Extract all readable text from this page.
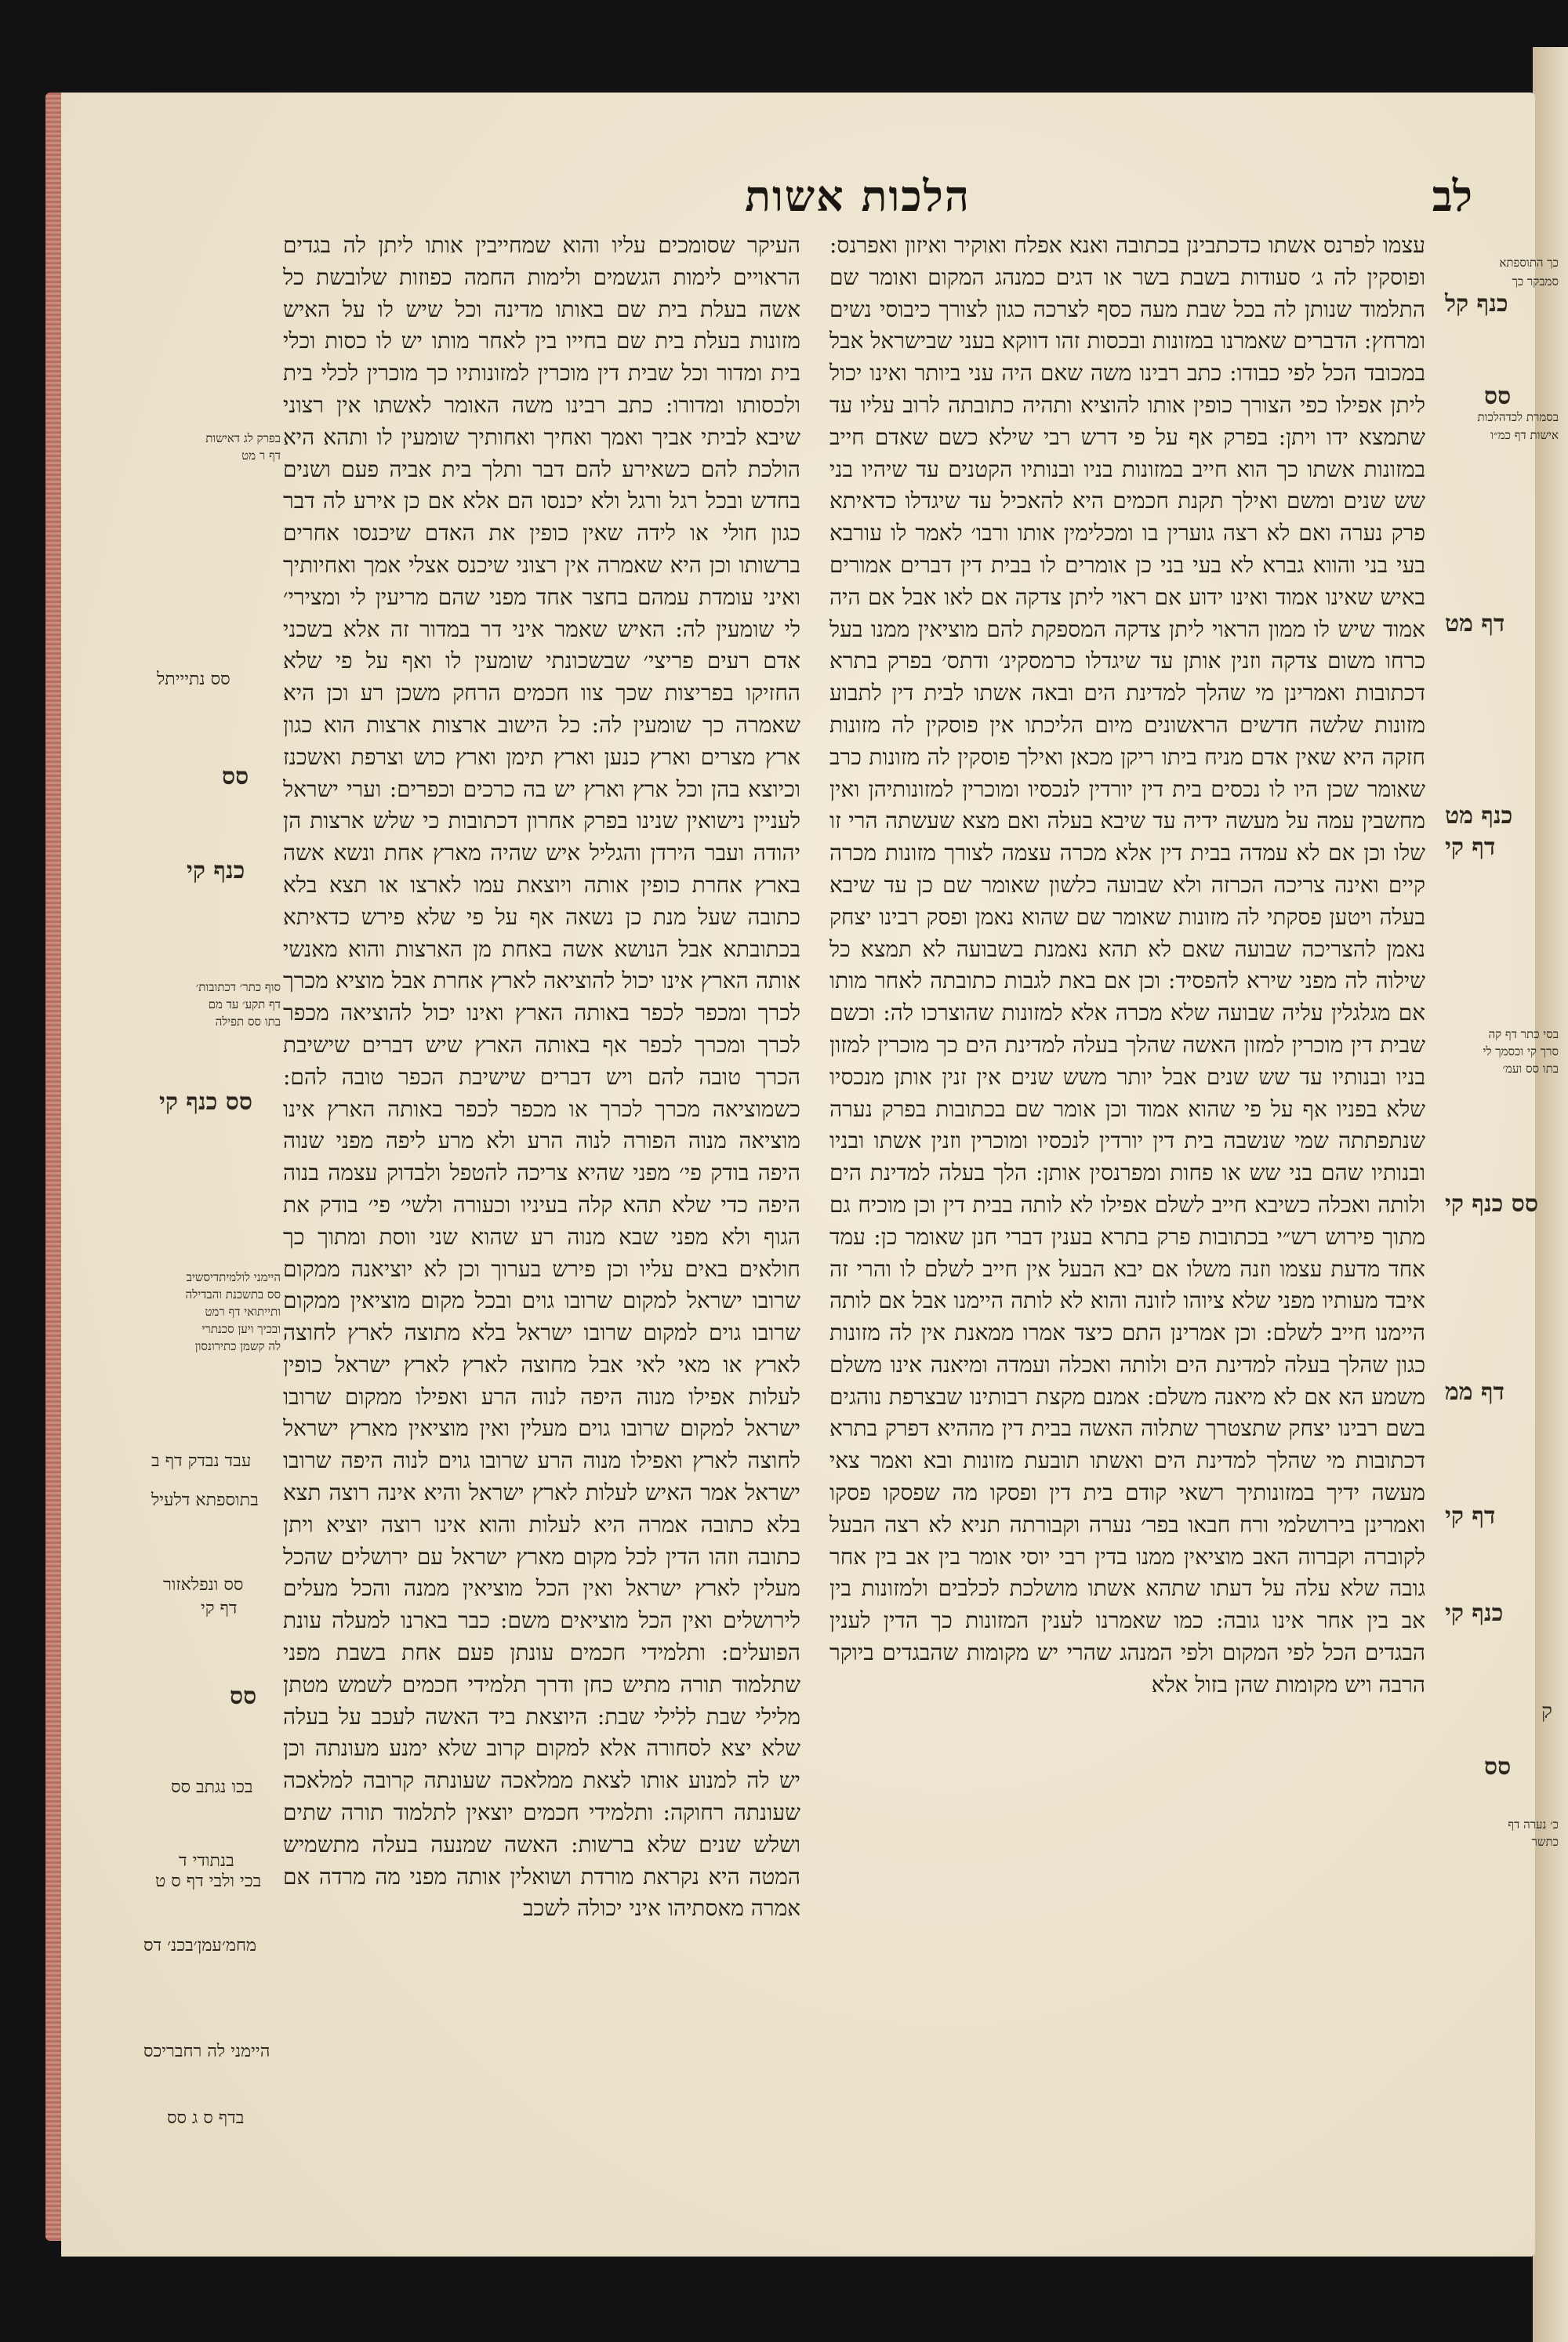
הלכות אשות	לב

עצמו לפרנס אשתו כדכתבינן בכתובה ואנא אפלח ואוקיר ואיזון ואפרנס: ופוסקין לה ג׳ סעודות בשבת בשר או דגים כמנהג המקום ואומר שם התלמוד שנותן לה בכל שבת מעה כסף לצרכה כגון לצורך כיבוסי נשים ומרחץ: הדברים שאמרנו במזונות ובכסות זהו דווקא בעני שבישראל אבל במכובד הכל לפי כבודו: כתב רבינו משה שאם היה עני ביותר ואינו יכול ליתן אפילו כפי הצורך כופין אותו להוציא ותהיה כתובתה לרוב עליו עד שתמצא ידו ויתן: בפרק אף על פי דרש רבי שילא כשם שאדם חייב במזונות אשתו כך הוא חייב במזונות בניו ובנותיו הקטנים עד שיהיו בני שש שנים ומשם ואילך תקנת חכמים היא להאכיל עד שיגדלו כדאיתא פרק נערה ואם לא רצה גוערין בו ומכלימין אותו ורבו׳ לאמר לו עורבא בעי בני והווא גברא לא בעי בני כן אומרים לו בבית דין דברים אמורים באיש שאינו אמוד ואינו ידוע אם ראוי ליתן צדקה אם לאו אבל אם היה אמוד שיש לו ממון הראוי ליתן צדקה המספקת להם מוציאין ממנו בעל כרחו משום צדקה וזנין אותן עד שיגדלו כרמסקינ׳ ודתס׳ בפרק בתרא דכתובות ואמרינן מי שהלך למדינת הים ובאה אשתו לבית דין לתבוע מזונות שלשה חדשים הראשונים מיום הליכתו אין פוסקין לה מזונות חזקה היא שאין אדם מניח ביתו ריקן מכאן ואילך פוסקין לה מזונות כרב שאומר שכן היו לו נכסים בית דין יורדין לנכסיו ומוכרין למזונותיהן ואין מחשבין עמה על מעשה ידיה עד שיבא בעלה ואם מצא שעשתה הרי זו שלו וכן אם לא עמדה בבית דין אלא מכרה עצמה לצורך מזונות מכרה קיים ואינה צריכה הכרזה ולא שבועה כלשון שאומר שם כן עד שיבא בעלה ויטען פסקתי לה מזונות שאומר שם שהוא נאמן ופסק רבינו יצחק נאמן להצריכה שבועה שאם לא תהא נאמנת בשבועה לא תמצא כל שילוה לה מפני שירא להפסיד: וכן אם באת לגבות כתובתה לאחר מותו אם מגלגלין עליה שבועה שלא מכרה אלא למזונות שהוצרכו לה: וכשם שבית דין מוכרין למזון האשה שהלך בעלה למדינת הים כך מוכרין למזון בניו ובנותיו עד שש שנים אבל יותר משש שנים אין זנין אותן מנכסיו שלא בפניו אף על פי שהוא אמוד וכן אומר שם בכתובות בפרק נערה שנתפתתה שמי שנשבה בית דין יורדין לנכסיו ומוכרין וזנין אשתו ובניו ובנותיו שהם בני שש או פחות ומפרנסין אותן: הלך בעלה למדינת הים ולותה ואכלה כשיבא חייב לשלם אפילו לא לותה בבית דין וכן מוכיח גם מתוך פירוש רש״י בכתובות פרק בתרא בענין דברי חנן שאומר כן: עמד אחד מדעת עצמו וזנה משלו אם יבא הבעל אין חייב לשלם לו והרי זה איבד מעותיו מפני שלא ציוהו לזונה והוא לא לותה היימנו אבל אם לותה היימנו חייב לשלם: וכן אמרינן התם כיצד אמרו ממאנת אין לה מזונות כגון שהלך בעלה למדינת הים ולותה ואכלה ועמדה ומיאנה אינו משלם משמע הא אם לא מיאנה משלם: אמנם מקצת רבותינו שבצרפת נוהגים בשם רבינו יצחק שתצטרך שתלוה האשה בבית דין מההיא דפרק בתרא דכתובות מי שהלך למדינת הים ואשתו תובעת מזונות ובא ואמר צאי מעשה ידיך במזונותיך רשאי קודם בית דין ופסקו מה שפסקו פסקו ואמרינן בירושלמי ורח חבאו בפר׳ נערה וקבורתה תניא לא רצה הבעל לקוברה וקברוה האב מוציאין ממנו בדין רבי יוסי אומר בין אב בין אחר גובה שלא עלה על דעתו שתהא אשתו מושלכת לכלבים ולמזונות בין אב בין אחר אינו גובה: כמו שאמרנו לענין המזונות כך הדין לענין הבגדים הכל לפי המקום ולפי המנהג שהרי יש מקומות שהבגדים ביוקר הרבה ויש מקומות שהן בזול אלא

העיקר שסומכים עליו והוא שמחייבין אותו ליתן לה בגדים הראויים לימות הגשמים ולימות החמה כפוזות שלובשת כל אשה בעלת בית שם באותו מדינה וכל שיש לו על האיש מזונות בעלת בית שם בחייו בין לאחר מותו יש לו כסות וכלי בית ומדור וכל שבית דין מוכרין למזונותיו כך מוכרין לכלי בית ולכסותו ומדורו: כתב רבינו משה האומר לאשתו אין רצוני שיבא לביתי אביך ואמך ואחיך ואחותיך שומעין לו ותהא היא הולכת להם כשאירע להם דבר ותלך בית אביה פעם ושנים בחדש ובכל רגל ורגל ולא יכנסו הם אלא אם כן אירע לה דבר כגון חולי או לידה שאין כופין את האדם שיכנסו אחרים ברשותו וכן היא שאמרה אין רצוני שיכנס אצלי אמך ואחיותיך ואיני עומדת עמהם בחצר אחד מפני שהם מריעין לי ומצירי׳ לי שומעין לה: האיש שאמר איני דר במדור זה אלא בשכני אדם רעים פריצי׳ שבשכונתי שומעין לו ואף על פי שלא החזיקו בפריצות שכך צוו חכמים הרחק משכן רע וכן היא שאמרה כך שומעין לה: כל הישוב ארצות ארצות הוא כגון ארץ מצרים וארץ כנען וארץ תימן וארץ כוש וצרפת ואשכנז וכיוצא בהן וכל ארץ וארץ יש בה כרכים וכפרים: וערי ישראל לעניין נישואין שנינו בפרק אחרון דכתובות כי שלש ארצות הן יהודה ועבר הירדן והגליל איש שהיה מארץ אחת ונשא אשה בארץ אחרת כופין אותה ויוצאת עמו לארצו או תצא בלא כתובה שעל מנת כן נשאה אף על פי שלא פירש כדאיתא בכתובתא אבל הנושא אשה באחת מן הארצות והוא מאנשי אותה הארץ אינו יכול להוציאה לארץ אחרת אבל מוציא מכרך לכרך ומכפר לכפר באותה הארץ ואינו יכול להוציאה מכפר לכרך ומכרך לכפר אף באותה הארץ שיש דברים שישיבת הכרך טובה להם ויש דברים שישיבת הכפר טובה להם: כשמוציאה מכרך לכרך או מכפר לכפר באותה הארץ אינו מוציאה מנוה הפורה לנוה הרע ולא מרע ליפה מפני שנוה היפה בודק פי׳ מפני שהיא צריכה להטפל ולבדוק עצמה בנוה היפה כדי שלא תהא קלה בעיניו וכעורה ולשי׳ פי׳ בודק את הגוף ולא מפני שבא מנוה רע שהוא שני ווסת ומתוך כך חולאים באים עליו וכן פירש בערוך וכן לא יוציאנה ממקום שרובו ישראל למקום שרובו גוים ובכל מקום מוציאין ממקום שרובו גוים למקום שרובו ישראל בלא מתוצה לארץ לחוצה לארץ או מאי לאי אבל מחוצה לארץ לארץ ישראל כופין לעלות אפילו מנוה היפה לנוה הרע ואפילו ממקום שרובו ישראל למקום שרובו גוים מעלין ואין מוציאין מארץ ישראל לחוצה לארץ ואפילו מנוה הרע שרובו גוים לנוה היפה שרובו ישראל אמר האיש לעלות לארץ ישראל והיא אינה רוצה תצא בלא כתובה אמרה היא לעלות והוא אינו רוצה יוציא ויתן כתובה וזהו הדין לכל מקום מארץ ישראל עם ירושלים שהכל מעלין לארץ ישראל ואין הכל מוציאין ממנה והכל מעלים לירושלים ואין הכל מוציאים משם: כבר בארנו למעלה עונת הפועלים: ותלמידי חכמים עונתן פעם אחת בשבת מפני שתלמוד תורה מתיש כחן ודרך תלמידי חכמים לשמש מטתן מלילי שבת ללילי שבת: היוצאת ביד האשה לעכב על בעלה שלא יצא לסחורה אלא למקום קרוב שלא ימנע מעונתה וכן יש לה למנוע אותו לצאת ממלאכה שעונתה קרובה למלאכה שעונתה רחוקה: ותלמידי חכמים יוצאין לתלמוד תורה שתים ושלש שנים שלא ברשות: האשה שמנעה בעלה מתשמיש המטה היא נקראת מורדת ושואלין אותה מפני מה מרדה אם אמרה מאסתיהו איני יכולה לשכב

כך התוספתא
סמבקר כך
כנף קל
סס
בסמרת לכדהלכות
אישות דף כמ״ו
דף מט
כנף מט
דף קי
בסי כתר דף קה
סרך קי וכסמך לי
בתו סס ועמ׳
סס כנף קי
דף ממ
דף קי
כנף קי
סס
כ׳ נערה דף
כתשר
בפרק לג דאישות
דף ר מט
סס נתיייתל
סס
כנף קי
סוף כתר׳ דכתובות׳
דף תקע׳ עד מם
בתו סס תפילה
סס כנף קי
היימני לולמיתדיסשיב
סס בתשכנת והבדילה
ותייתואי דף רמט
ובכיך ויען סכנתרי
לה קשמן כתירונסון
עבד נבדק דף ב
בתוספתא דלעיל
סס ונפלאזור
דף קי
סס
בכו נגתב סס
בנתודי ד
בכי ולבי דף ס ט
מחמ׳עמן׳בכנ׳ דס
היימני לה רחבריכס
בדף ס ג סס
ק
